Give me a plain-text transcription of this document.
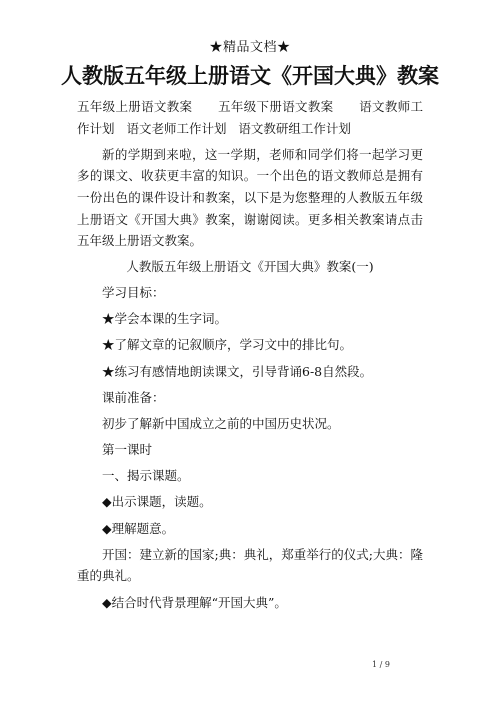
★精品文档★
人教版五年级上册语文《开国大典》教案

五年级上册语文教案 五年级下册语文教案 语文教师工作计划 语文老师工作计划 语文教研组工作计划

新的学期到来啦，这一学期，老师和同学们将一起学习更多的课文、收获更丰富的知识。一个出色的语文教师总是拥有一份出色的课件设计和教案，以下是为您整理的人教版五年级上册语文《开国大典》教案，谢谢阅读。更多相关教案请点击五年级上册语文教案。

人教版五年级上册语文《开国大典》教案(一)

学习目标：

★学会本课的生字词。

★了解文章的记叙顺序，学习文中的排比句。

★练习有感情地朗读课文，引导背诵6-8自然段。

课前准备：

初步了解新中国成立之前的中国历史状况。

第一课时

一、揭示课题。

◆出示课题，读题。

◆理解题意。

开国：建立新的国家;典：典礼，郑重举行的仪式;大典：隆重的典礼。

◆结合时代背景理解“开国大典”。

1 / 9
